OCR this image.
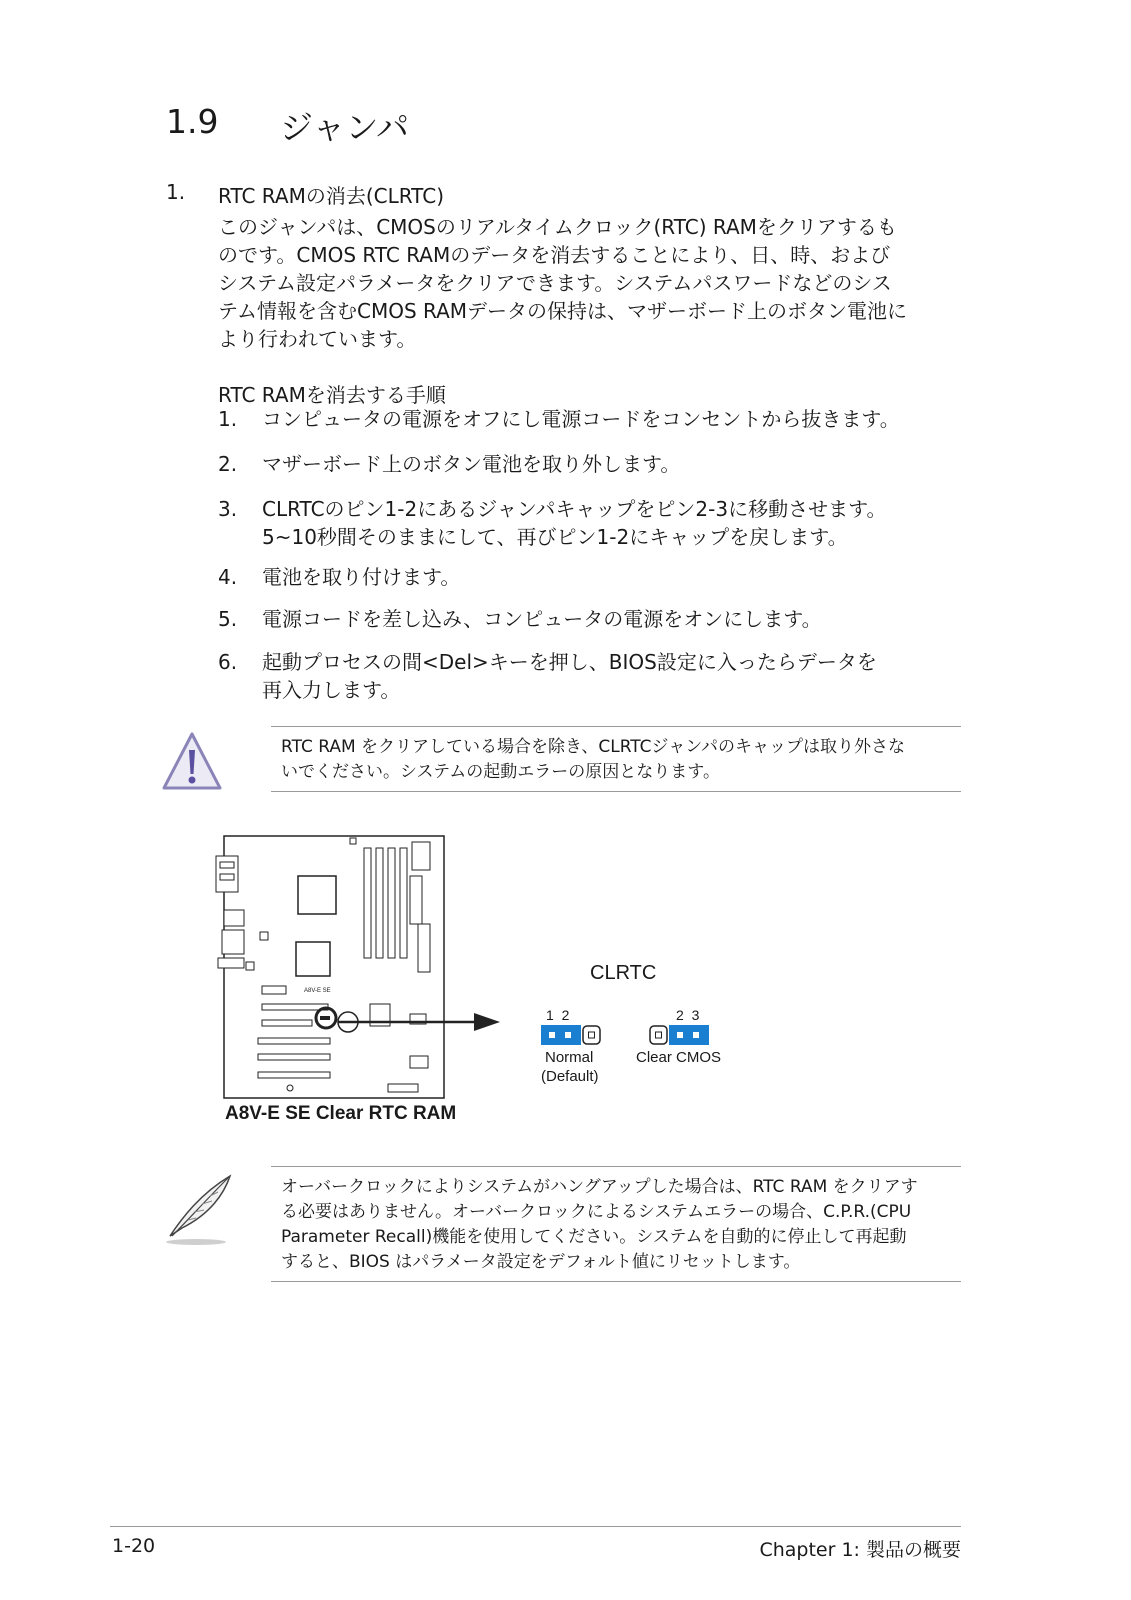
1.9 ジャンパ
1. RTC RAMの消去(CLRTC)
このジャンパは、CMOSのリアルタイムクロック(RTC) RAMをクリアするも
のです。CMOS RTC RAMのデータを消去することにより、日、時、および
システム設定パラメータをクリアできます。システムパスワードなどのシス
テム情報を含むCMOS RAMデータの保持は、マザーボード上のボタン電池に
より行われています。
RTC RAMを消去する手順
1. コンピュータの電源をオフにし電源コードをコンセントから抜きます。
2. マザーボード上のボタン電池を取り外します。
3. CLRTCのピン1-2にあるジャンパキャップをピン2-3に移動させます。
5~10秒間そのままにして、再びピン1-2にキャップを戻します。
4. 電池を取り付けます。
5. 電源コードを差し込み、コンピュータの電源をオンにします。
6. 起動プロセスの間<Del>キーを押し、BIOS設定に入ったらデータを
再入力します。
RTC RAM をクリアしている場合を除き、CLRTCジャンパのキャップは取り外さな
いでください。システムの起動エラーの原因となります。
A8V-E SE
CLRTC
1  2	2  3
Normal
(Default)
Clear CMOS
A8V-E SE Clear RTC RAM
オーバークロックによりシステムがハングアップした場合は、RTC RAM をクリアす
る必要はありません。オーバークロックによるシステムエラーの場合、C.P.R.(CPU
Parameter Recall)機能を使用してください。システムを自動的に停止して再起動
すると、BIOS はパラメータ設定をデフォルト値にリセットします。
1-20	Chapter 1: 製品の概要
